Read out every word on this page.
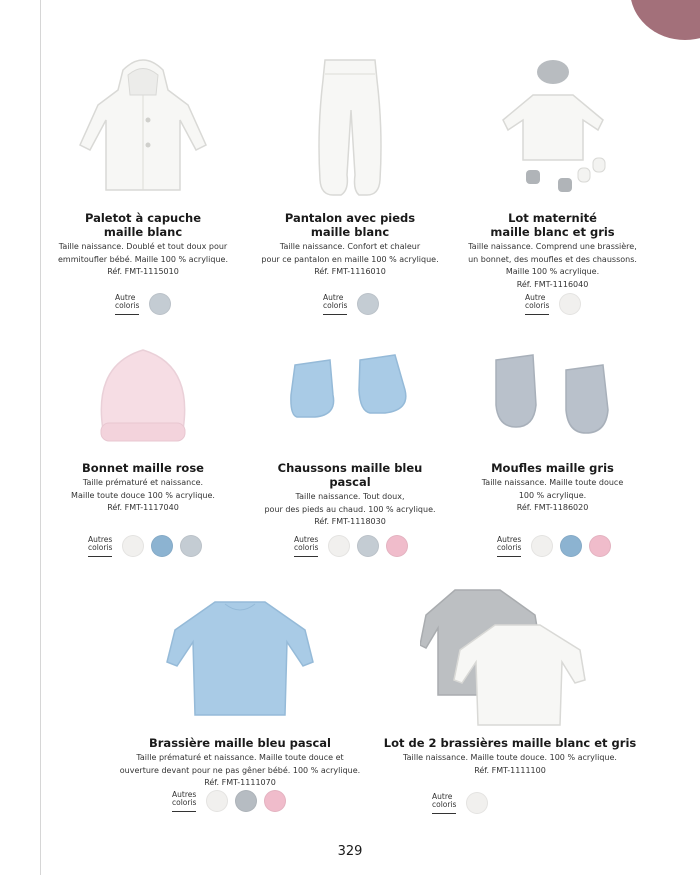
Paletot à capuche
maille blanc
Taille naissance. Doublé et tout doux pour
emmitoufler bébé. Maille 100 % acrylique.
Réf. FMT-1115010
Autre
coloris
Pantalon avec pieds
maille blanc
Taille naissance. Confort et chaleur
pour ce pantalon en maille 100 % acrylique.
Réf. FMT-1116010
Autre
coloris
Lot maternité
maille blanc et gris
Taille naissance. Comprend une brassière,
un bonnet, des moufles et des chaussons.
Maille 100 % acrylique.
Réf. FMT-1116040
Autre
coloris
Bonnet maille rose
Taille prématuré et naissance.
Maille toute douce 100 % acrylique.
Réf. FMT-1117040
Autres
coloris
Chaussons maille bleu pascal
Taille naissance. Tout doux,
pour des pieds au chaud. 100 % acrylique.
Réf. FMT-1118030
Autres
coloris
Moufles maille gris
Taille naissance. Maille toute douce
100 % acrylique.
Réf. FMT-1186020
Autres
coloris
Brassière maille bleu pascal
Taille prématuré et naissance. Maille toute douce et
ouverture devant pour ne pas gêner bébé. 100 % acrylique.
Réf. FMT-1111070
Autres
coloris
Lot de 2 brassières maille blanc et gris
Taille naissance. Maille toute douce. 100 % acrylique.
Réf. FMT-1111100
Autre
coloris
329
